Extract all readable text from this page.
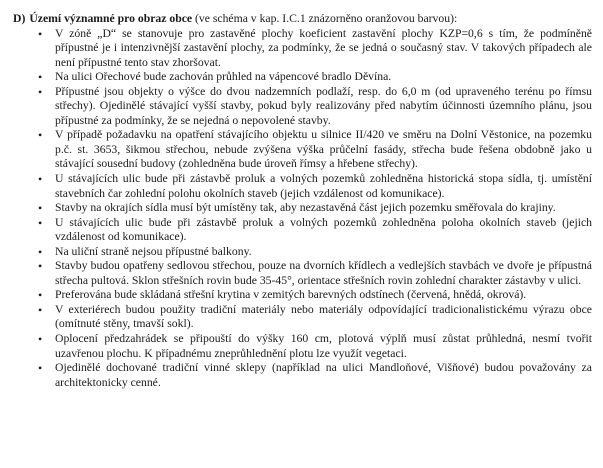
D) Území významné pro obraz obce (ve schéma v kap. I.C.1 znázorněno oranžovou barvou):
•
V zóně „D“ se stanovuje pro zastavěné plochy koeficient zastavění plochy KZP=0,6 s tím, že podmíněně přípustné je i intenzivnější zastavění plochy, za podmínky, že se jedná o současný stav. V takových případech ale není přípustné tento stav zhoršovat.
•
Na ulici Ořechové bude zachován průhled na vápencové bradlo Děvína.
•
Přípustné jsou objekty o výšce do dvou nadzemních podlaží, resp. do 6,0 m (od upraveného terénu po římsu střechy). Ojedinělé stávající vyšší stavby, pokud byly realizovány před nabytím účinnosti územního plánu, jsou přípustné za podmínky, že se nejedná o nepovolené stavby.
•
V případě požadavku na opatření stávajícího objektu u silnice II/420 ve směru na Dolní Věstonice, na pozemku p.č. st. 3653, šikmou střechou, nebude zvýšena výška průčelní fasády, střecha bude řešena obdobně jako u stávající sousední budovy (zohledněna bude úroveň římsy a hřebene střechy).
•
U stávajících ulic bude při zástavbě proluk a volných pozemků zohledněna historická stopa sídla, tj. umístění stavebních čar zohlední polohu okolních staveb (jejich vzdálenost od komunikace).
•
Stavby na okrajích sídla musí být umístěny tak, aby nezastavěná část jejich pozemku směřovala do krajiny.
•
U stávajících ulic bude při zástavbě proluk a volných pozemků zohledněna poloha okolních staveb (jejich vzdálenost od komunikace).
•
Na uliční straně nejsou přípustné balkony.
•
Stavby budou opatřeny sedlovou střechou, pouze na dvorních křídlech a vedlejších stavbách ve dvoře je přípustná střecha pultová. Sklon střešních rovin bude 35-45°, orientace střešních rovin zohlední charakter zástavby v ulici.
•
Preferována bude skládaná střešní krytina v zemitých barevných odstínech (červená, hnědá, okrová).
•
V exteriérech budou použity tradiční materiály nebo materiály odpovídající tradicionalistickému výrazu obce (omítnuté stěny, tmavší sokl).
•
Oplocení předzahrádek se připouští do výšky 160 cm, plotová výplň musí zůstat průhledná, nesmí tvořit uzavřenou plochu. K případnému zneprůhlednění plotu lze využít vegetaci.
•
Ojedinělé dochované tradiční vinné sklepy (například na ulici Mandloňové, Višňové) budou považovány za architektonicky cenné.
